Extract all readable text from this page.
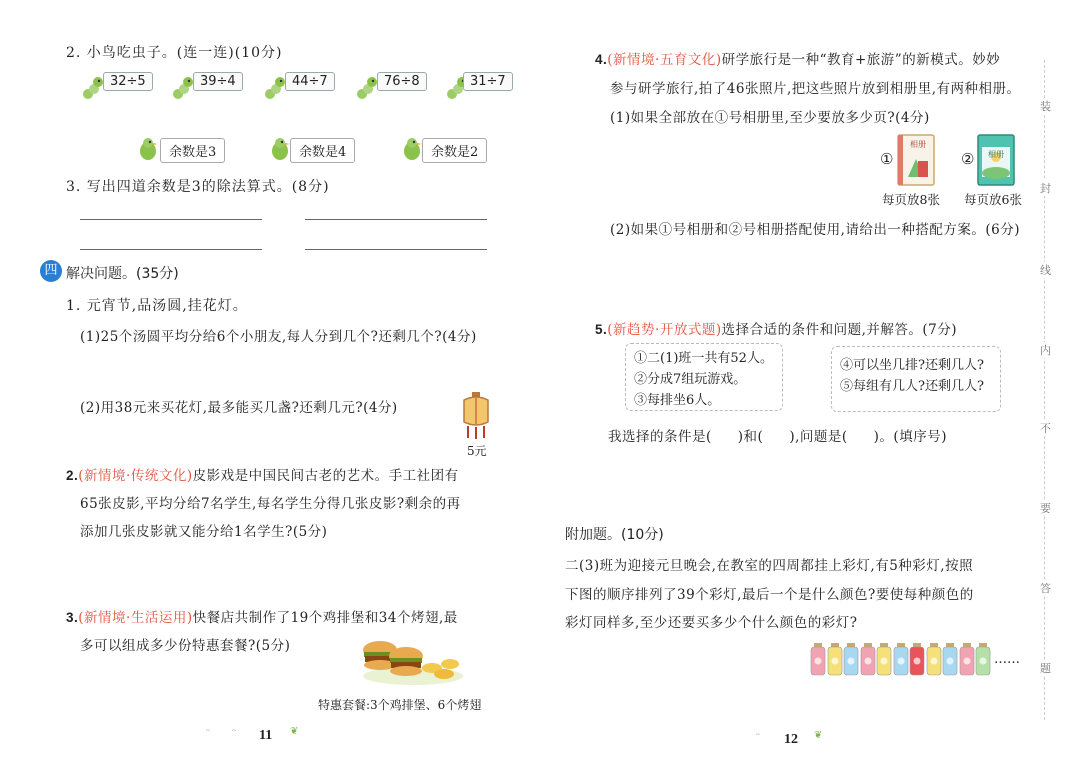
2. 小鸟吃虫子。(连一连)(10分)
32÷5	39÷4	44÷7	76÷8	31÷7
余数是3	余数是4	余数是2
3. 写出四道余数是3的除法算式。(8分)
四 解决问题。(35分)
1. 元宵节,品汤圆,挂花灯。
(1)25个汤圆平均分给6个小朋友,每人分到几个?还剩几个?(4分)
(2)用38元来买花灯,最多能买几盏?还剩几元?(4分)
5元
2.(新情境·传统文化)皮影戏是中国民间古老的艺术。手工社团有
65张皮影,平均分给7名学生,每名学生分得几张皮影?剩余的再
添加几张皮影就又能分给1名学生?(5分)
3.(新情境·生活运用)快餐店共制作了19个鸡排堡和34个烤翅,最
多可以组成多少份特惠套餐?(5分)
特惠套餐:3个鸡排堡、6个烤翅
ᵔ ᵔ 11 ❦
4.(新情境·五育文化)研学旅行是一种“教育+旅游”的新模式。妙妙
参与研学旅行,拍了46张照片,把这些照片放到相册里,有两种相册。
(1)如果全部放在①号相册里,至少要放多少页?(4分)
①
相册
每页放8张
② 相册
每页放6张
(2)如果①号相册和②号相册搭配使用,请给出一种搭配方案。(6分)
5.(新趋势·开放式题)选择合适的条件和问题,并解答。(7分)
①二(1)班一共有52人。
②分成7组玩游戏。
③每排坐6人。
④可以坐几排?还剩几人?
⑤每组有几人?还剩几人?
我选择的条件是( )和( ),问题是( )。(填序号)
附加题。(10分)
二(3)班为迎接元旦晚会,在教室的四周都挂上彩灯,有5种彩灯,按照
下图的顺序排列了39个彩灯,最后一个是什么颜色?要使每种颜色的
彩灯同样多,至少还要买多少个什么颜色的彩灯?
……
ᵔ 12 ❦
装
封
线
内
不
要
答
题
